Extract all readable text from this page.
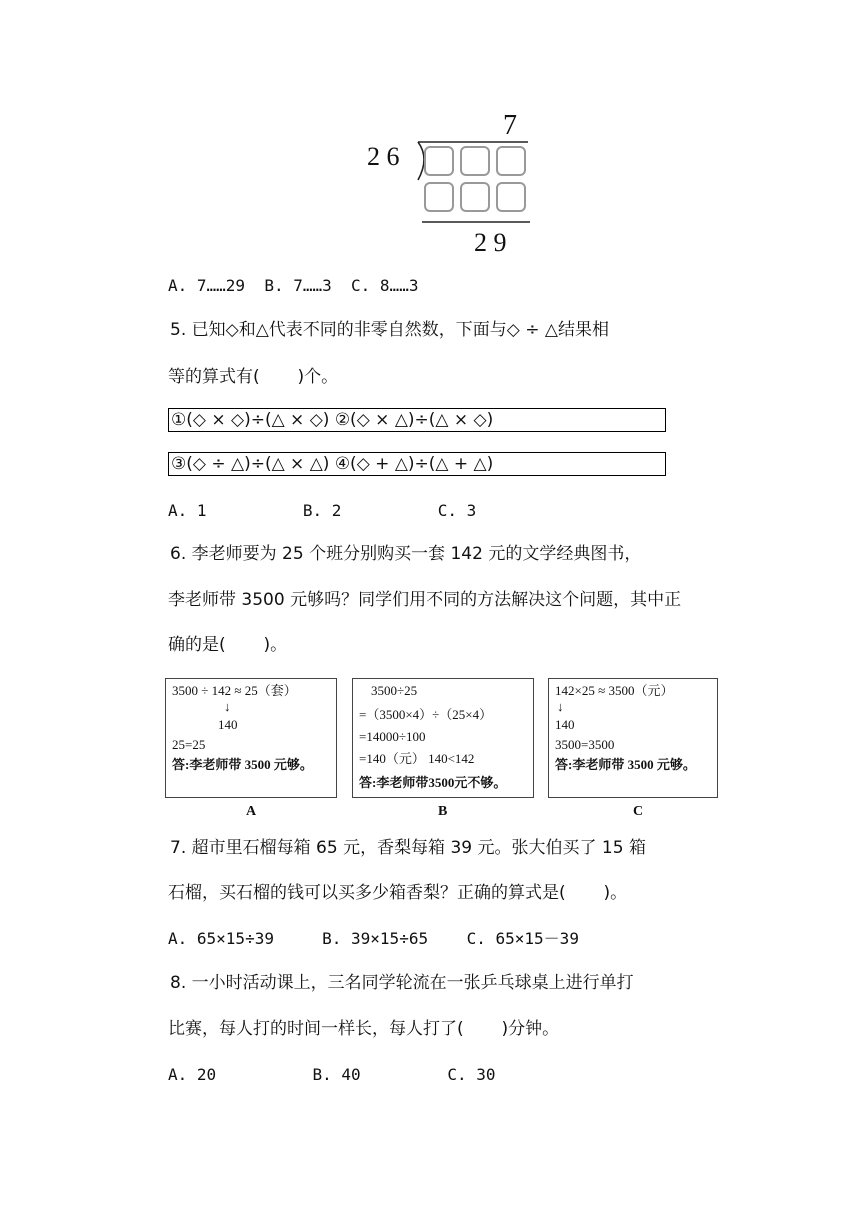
7
2 6
2 9
A. 7……29  B. 7……3  C. 8……3
5. 已知◇和△代表不同的非零自然数，下面与◇ ÷ △结果相
等的算式有(       )个。
①(◇ × ◇)÷(△ × ◇) ②(◇ × △)÷(△ × ◇)
③(◇ ÷ △)÷(△ × △) ④(◇ + △)÷(△ + △)
A. 1          B. 2          C. 3
6. 李老师要为 25 个班分别购买一套 142 元的文学经典图书，
李老师带 3500 元够吗？同学们用不同的方法解决这个问题，其中正
确的是(       )。
3500 ÷ 142 ≈ 25（套）
↓
140
25=25
答:李老师带 3500 元够。
A
3500÷25
=（3500×4）÷（25×4）
=14000÷100
=140（元） 140<142
答:李老师带3500元不够。
B
142×25 ≈ 3500（元）
↓
140
3500=3500
答:李老师带 3500 元够。
C
7. 超市里石榴每箱 65 元，香梨每箱 39 元。张大伯买了 15 箱
石榴，买石榴的钱可以买多少箱香梨？正确的算式是(       )。
A. 65×15÷39     B. 39×15÷65    C. 65×15－39
8. 一小时活动课上，三名同学轮流在一张乒乓球桌上进行单打
比赛，每人打的时间一样长，每人打了(       )分钟。
A. 20          B. 40         C. 30
